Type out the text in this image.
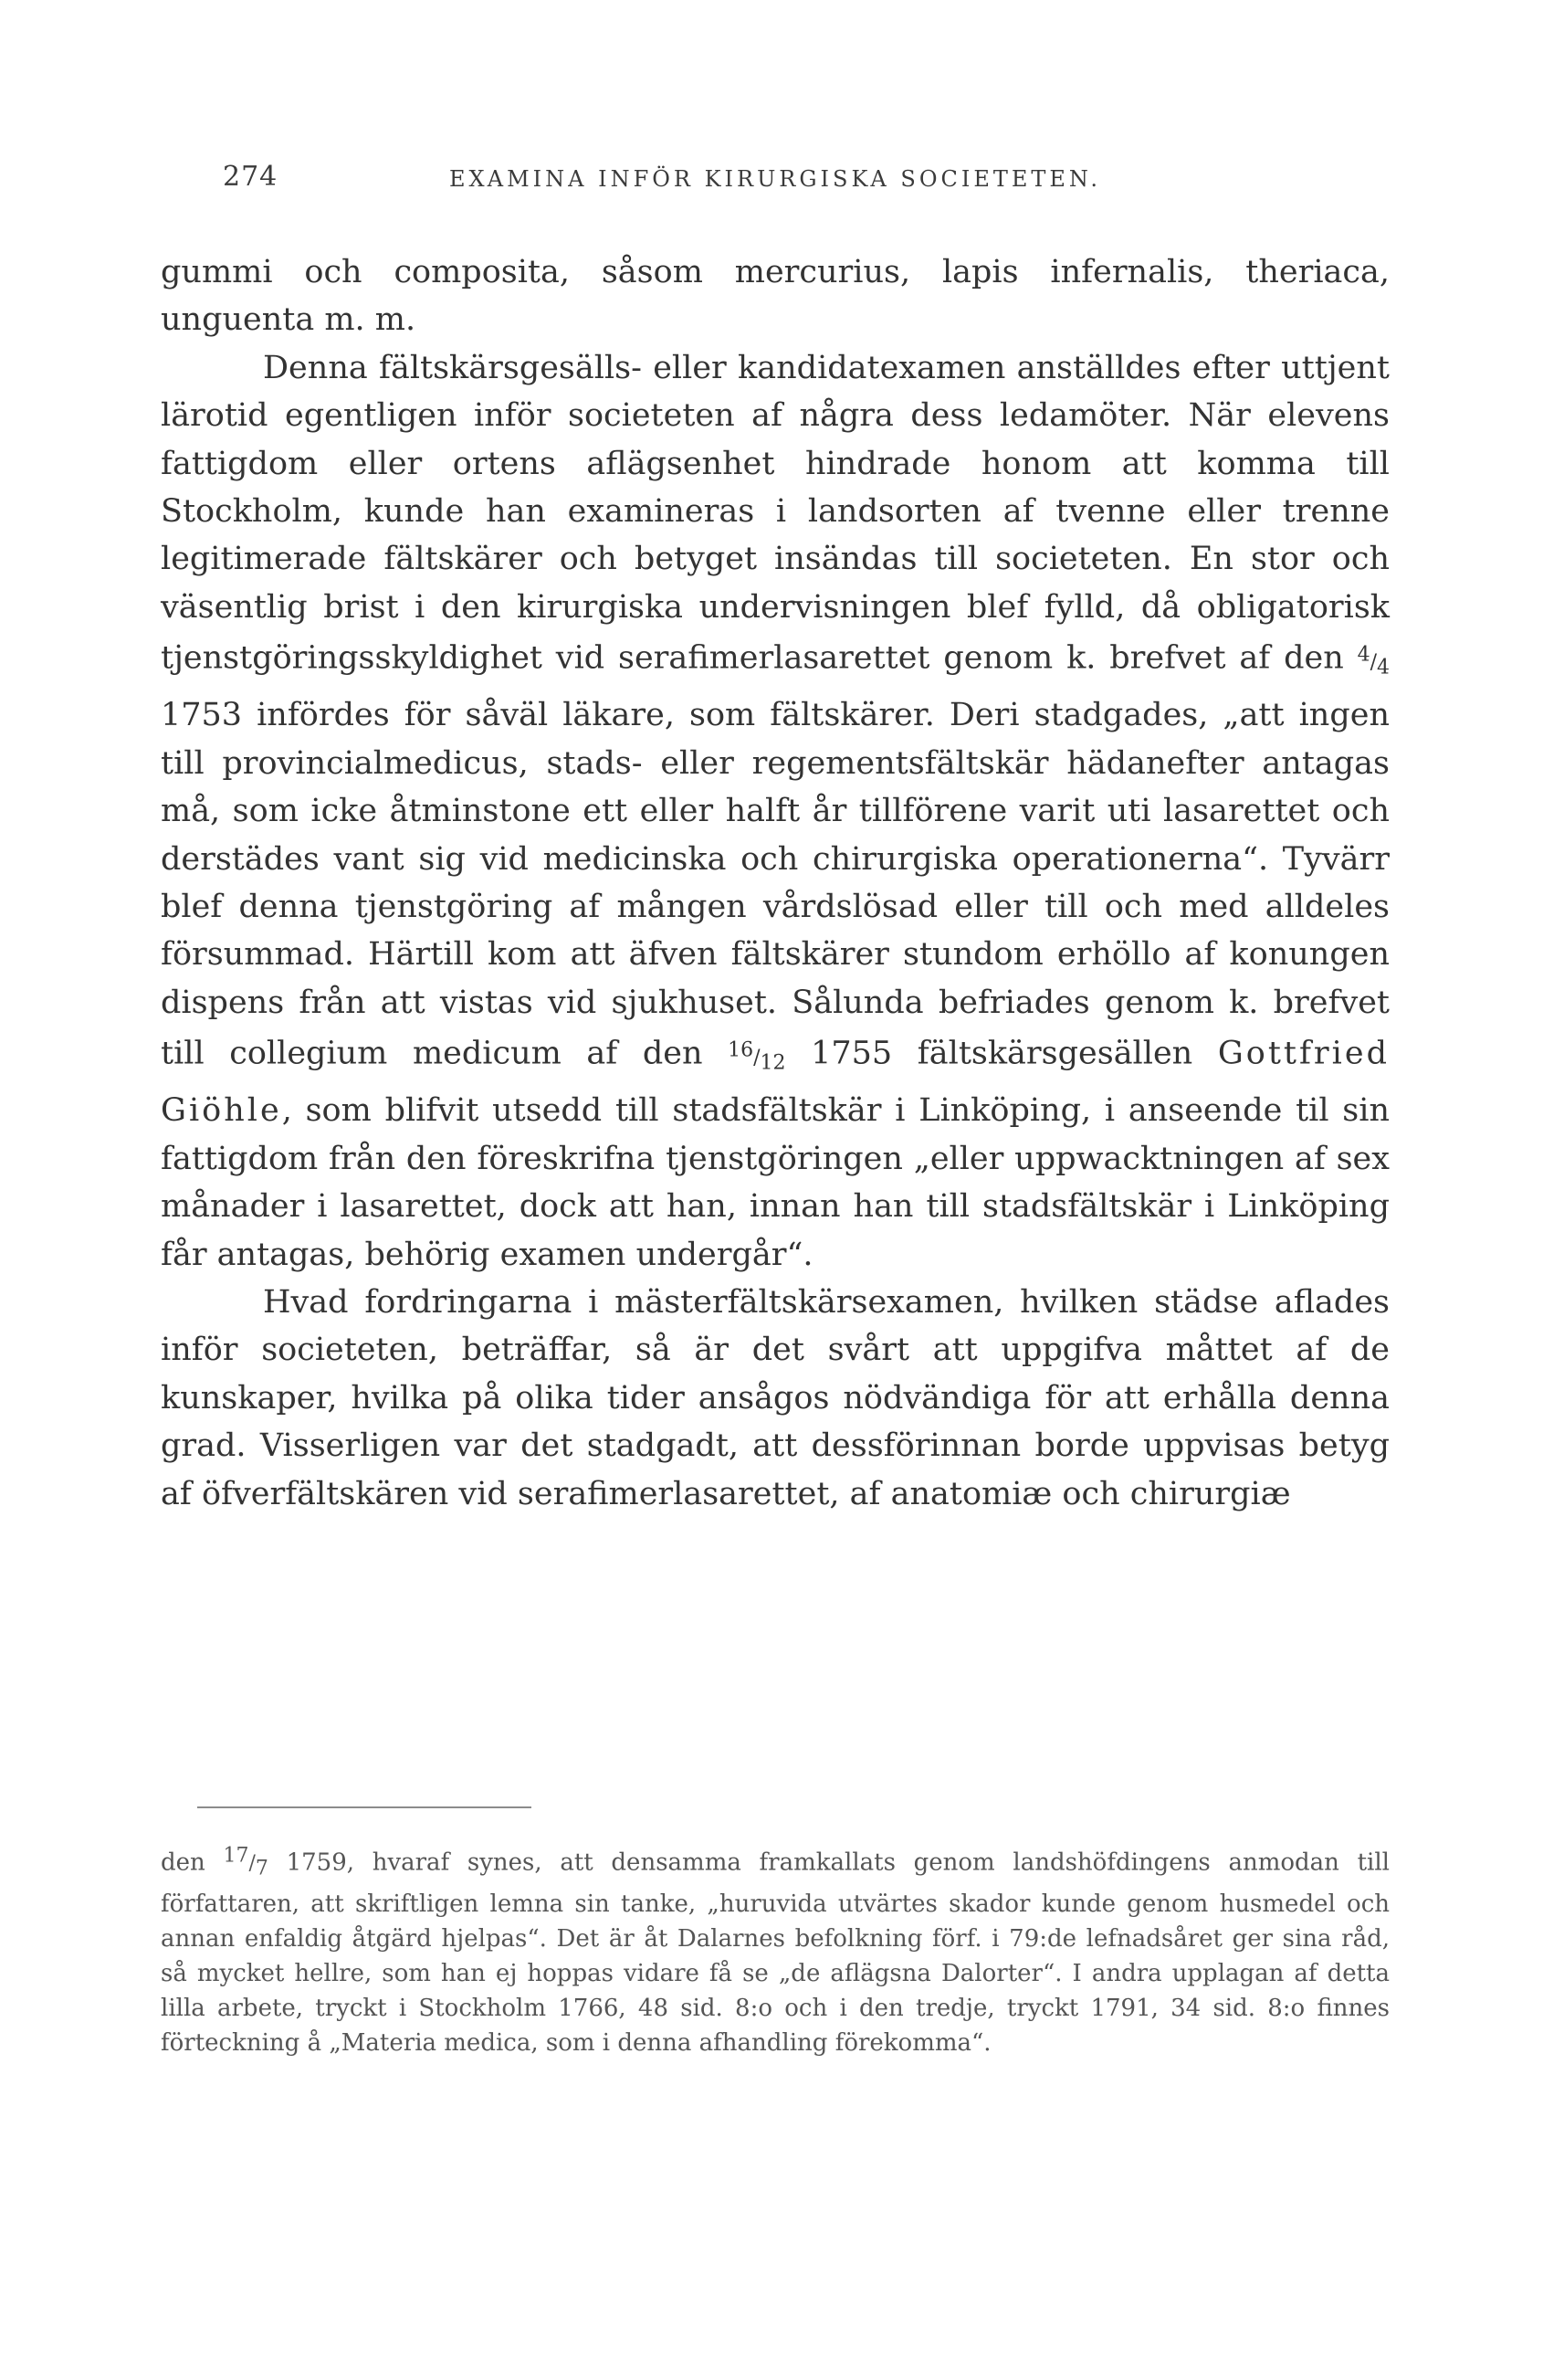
274	EXAMINA INFÖR KIRURGISKA SOCIETETEN.

gummi och composita, såsom mercurius, lapis infernalis, theriaca, unguenta m. m.

Denna fältskärsgesälls- eller kandidatexamen anställdes efter uttjent lärotid egentligen inför societeten af några dess ledamöter. När elevens fattigdom eller ortens aflägsenhet hindrade honom att komma till Stockholm, kunde han examineras i landsorten af tvenne eller trenne legitimerade fältskärer och betyget insändas till societeten. En stor och väsentlig brist i den kirurgiska undervisningen blef fylld, då obligatorisk tjenstgöringsskyldighet vid serafimerlasarettet genom k. brefvet af den $^4/_4$ 1753 infördes för såväl läkare, som fältskärer. Deri stadgades, „att ingen till provincialmedicus, stads- eller regementsfältskär hädanefter antagas må, som icke åtminstone ett eller halft år tillförene varit uti lasarettet och derstädes vant sig vid medicinska och chirurgiska operationerna“. Tyvärr blef denna tjenstgöring af mången vårdslösad eller till och med alldeles försummad. Härtill kom att äfven fältskärer stundom erhöllo af konungen dispens från att vistas vid sjukhuset. Sålunda befriades genom k. brefvet till collegium medicum af den $^{16}/_{12}$ 1755 fältskärsgesällen Gottfried Giöhle, som blifvit utsedd till stadsfältskär i Linköping, i anseende til sin fattigdom från den föreskrifna tjenstgöringen „eller uppwacktningen af sex månader i lasarettet, dock att han, innan han till stadsfältskär i Linköping får antagas, behörig examen undergår“.

Hvad fordringarna i mästerfältskärsexamen, hvilken städse aflades inför societeten, beträffar, så är det svårt att uppgifva måttet af de kunskaper, hvilka på olika tider ansågos nödvändiga för att erhålla denna grad. Visserligen var det stadgadt, att dessförinnan borde uppvisas betyg af öfverfältskären vid serafimerlasarettet, af anatomiæ och chirurgiæ

den $^{17}/_7$ 1759, hvaraf synes, att densamma framkallats genom landshöfdingens anmodan till författaren, att skriftligen lemna sin tanke, „huruvida utvärtes skador kunde genom husmedel och annan enfaldig åtgärd hjelpas“. Det är åt Dalarnes befolkning förf. i 79:de lefnadsåret ger sina råd, så mycket hellre, som han ej hoppas vidare få se „de aflägsna Dalorter“. I andra upplagan af detta lilla arbete, tryckt i Stockholm 1766, 48 sid. 8:o och i den tredje, tryckt 1791, 34 sid. 8:o finnes förteckning å „Materia medica, som i denna afhandling förekomma“.
